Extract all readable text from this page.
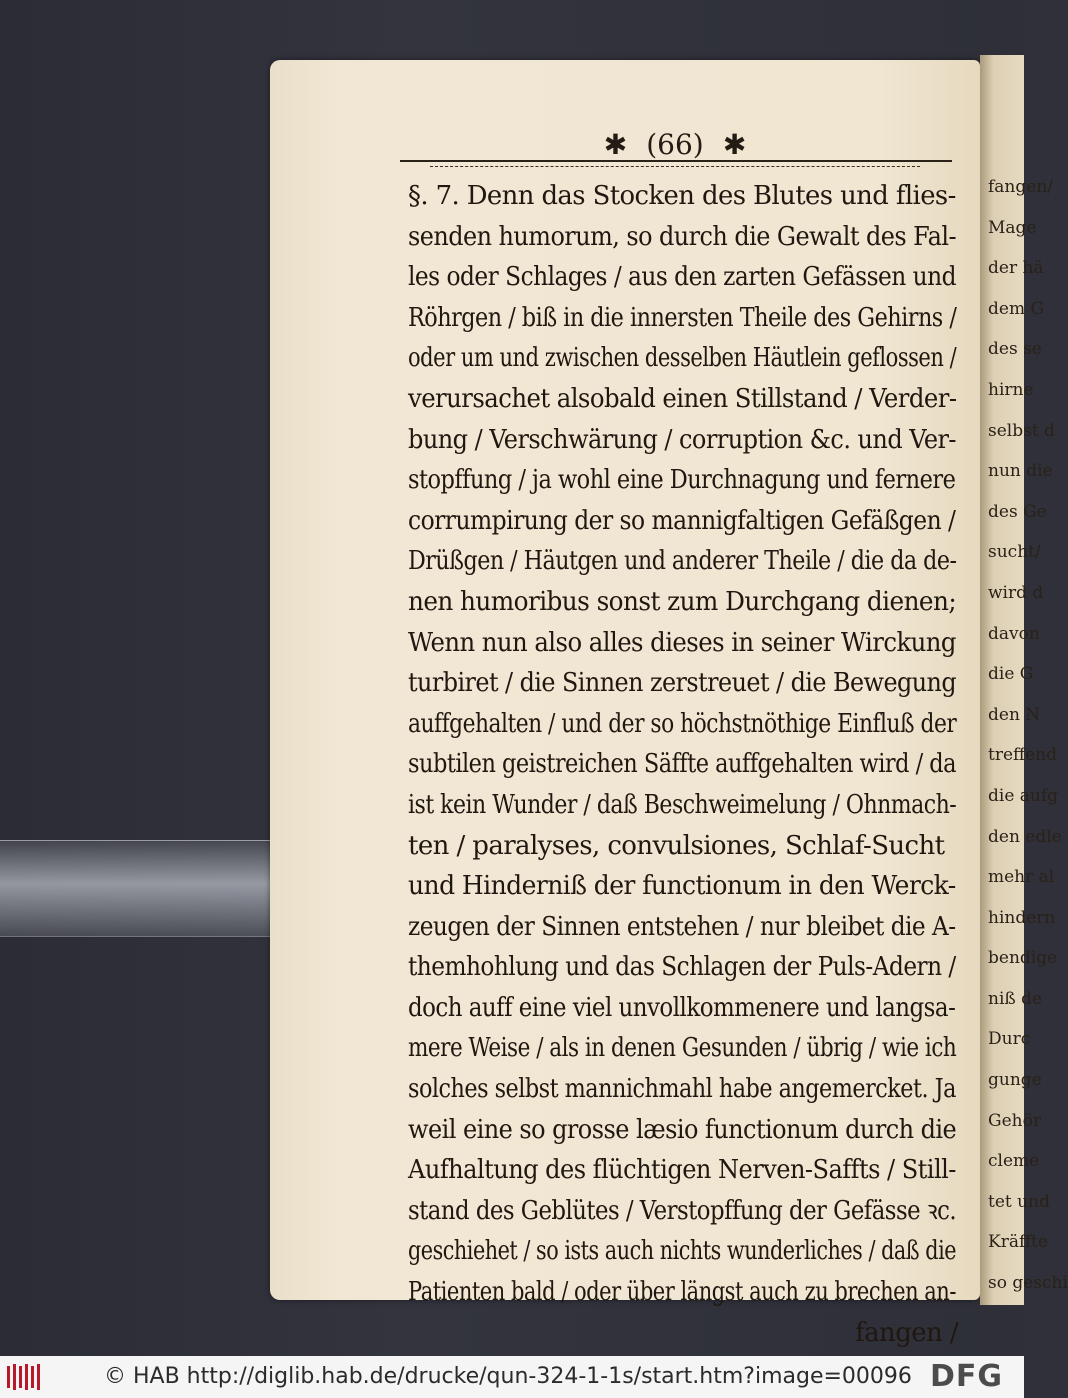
fangen/
Mage
der hä
dem G
des se
hirne
selbst d
nun die
des Ge
sucht/
wird d
davon
die G
den N
treffend
die aufg
den edle
mehr al
hindern
bendige
niß de
Durc
gunge
Gehör
cleme
tet und
Kräffte
so geschi
✱ (66) ✱
§. 7. Denn das Stocken des Blutes und flies-
senden humorum, so durch die Gewalt des Fal-
les oder Schlages / aus den zarten Gefässen und
Röhrgen / biß in die innersten Theile des Gehirns /
oder um und zwischen desselben Häutlein geflossen /
verursachet alsobald einen Stillstand / Verder-
bung / Verschwärung / corruption &c. und Ver-
stopffung / ja wohl eine Durchnagung und fernere
corrumpirung der so mannigfaltigen Gefäßgen /
Drüßgen / Häutgen und anderer Theile / die da de-
nen humoribus sonst zum Durchgang dienen;
Wenn nun also alles dieses in seiner Wirckung
turbiret / die Sinnen zerstreuet / die Bewegung
auffgehalten / und der so höchstnöthige Einfluß der
subtilen geistreichen Säffte auffgehalten wird / da
ist kein Wunder / daß Beschweimelung / Ohnmach-
ten / paralyses, convulsiones, Schlaf-Sucht
und Hinderniß der functionum in den Werck-
zeugen der Sinnen entstehen / nur bleibet die A-
themhohlung und das Schlagen der Puls-Adern /
doch auff eine viel unvollkommenere und langsa-
mere Weise / als in denen Gesunden / übrig / wie ich
solches selbst mannichmahl habe angemercket. Ja
weil eine so grosse læsio functionum durch die
Aufhaltung des flüchtigen Nerven-Saffts / Still-
stand des Geblütes / Verstopffung der Gefässe ꝛc.
geschiehet / so ists auch nichts wunderliches / daß die
Patienten bald / oder über längst auch zu brechen an-
fangen /
© HAB http://diglib.hab.de/drucke/qun-324-1-1s/start.htm?image=00096 DFG
